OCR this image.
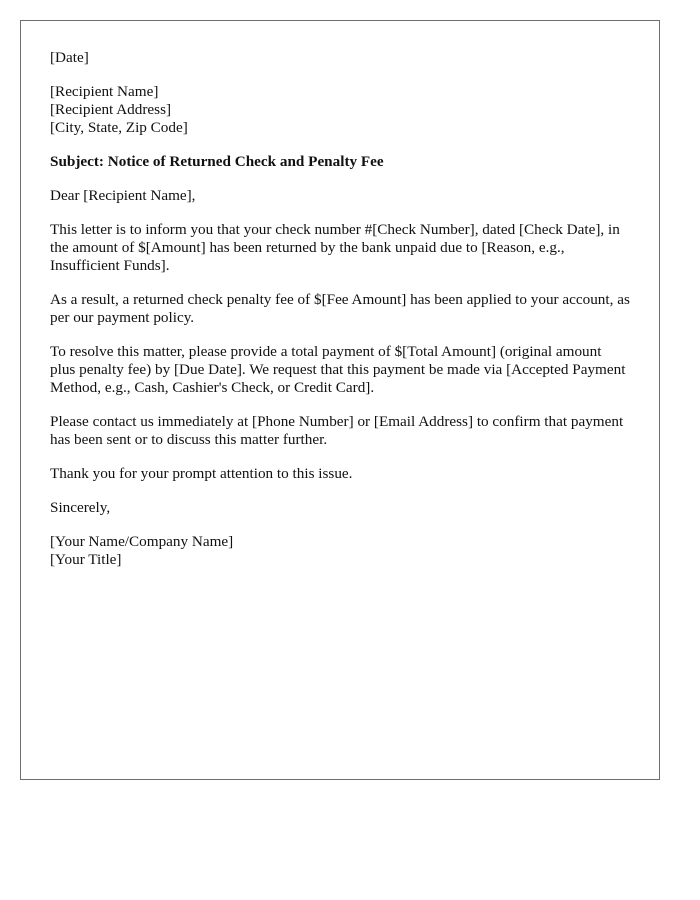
[Date]

[Recipient Name]
[Recipient Address]
[City, State, Zip Code]

Subject: Notice of Returned Check and Penalty Fee

Dear [Recipient Name],

This letter is to inform you that your check number #[Check Number], dated [Check Date], in the amount of $[Amount] has been returned by the bank unpaid due to [Reason, e.g., Insufficient Funds].

As a result, a returned check penalty fee of $[Fee Amount] has been applied to your account, as per our payment policy.

To resolve this matter, please provide a total payment of $[Total Amount] (original amount plus penalty fee) by [Due Date]. We request that this payment be made via [Accepted Payment Method, e.g., Cash, Cashier's Check, or Credit Card].

Please contact us immediately at [Phone Number] or [Email Address] to confirm that payment has been sent or to discuss this matter further.

Thank you for your prompt attention to this issue.

Sincerely,

[Your Name/Company Name]
[Your Title]
